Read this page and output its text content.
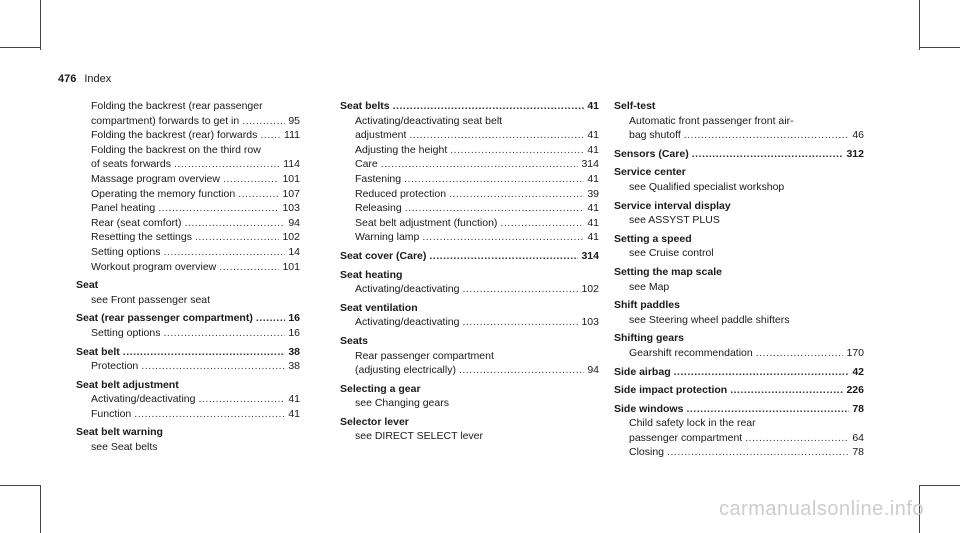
476 Index
Folding the backrest (rear passenger
compartment) forwards to get in . . .	95
Folding the backrest (rear) forwards . . .	111
Folding the backrest on the third row
of seats forwards . . .	114
Massage program overview . . .	101
Operating the memory function . . .	107
Panel heating . . .	103
Rear (seat comfort) . . .	94
Resetting the settings . . .	102
Setting options . . .	14
Workout program overview . . .	101
Seat
see Front passenger seat
Seat (rear passenger compartment) . . .	16
Setting options . . .	16
Seat belt . . .	38
Protection . . .	38
Seat belt adjustment
Activating/deactivating . . .	41
Function . . .	41
Seat belt warning
see Seat belts
Seat belts . . .	41
Activating/deactivating seat belt
adjustment . . .	41
Adjusting the height . . .	41
Care . . .	314
Fastening . . .	41
Reduced protection . . .	39
Releasing . . .	41
Seat belt adjustment (function) . . .	41
Warning lamp . . .	41
Seat cover (Care) . . .	314
Seat heating
Activating/deactivating . . .	102
Seat ventilation
Activating/deactivating . . .	103
Seats
Rear passenger compartment
(adjusting electrically) . . .	94
Selecting a gear
see Changing gears
Selector lever
see DIRECT SELECT lever
Self-test
Automatic front passenger front air-
bag shutoff . . .	46
Sensors (Care) . . .	312
Service center
see Qualified specialist workshop
Service interval display
see ASSYST PLUS
Setting a speed
see Cruise control
Setting the map scale
see Map
Shift paddles
see Steering wheel paddle shifters
Shifting gears
Gearshift recommendation . . .	170
Side airbag . . .	42
Side impact protection . . .	226
Side windows . . .	78
Child safety lock in the rear
passenger compartment . . .	64
Closing . . .	78
carmanualsonline.info
